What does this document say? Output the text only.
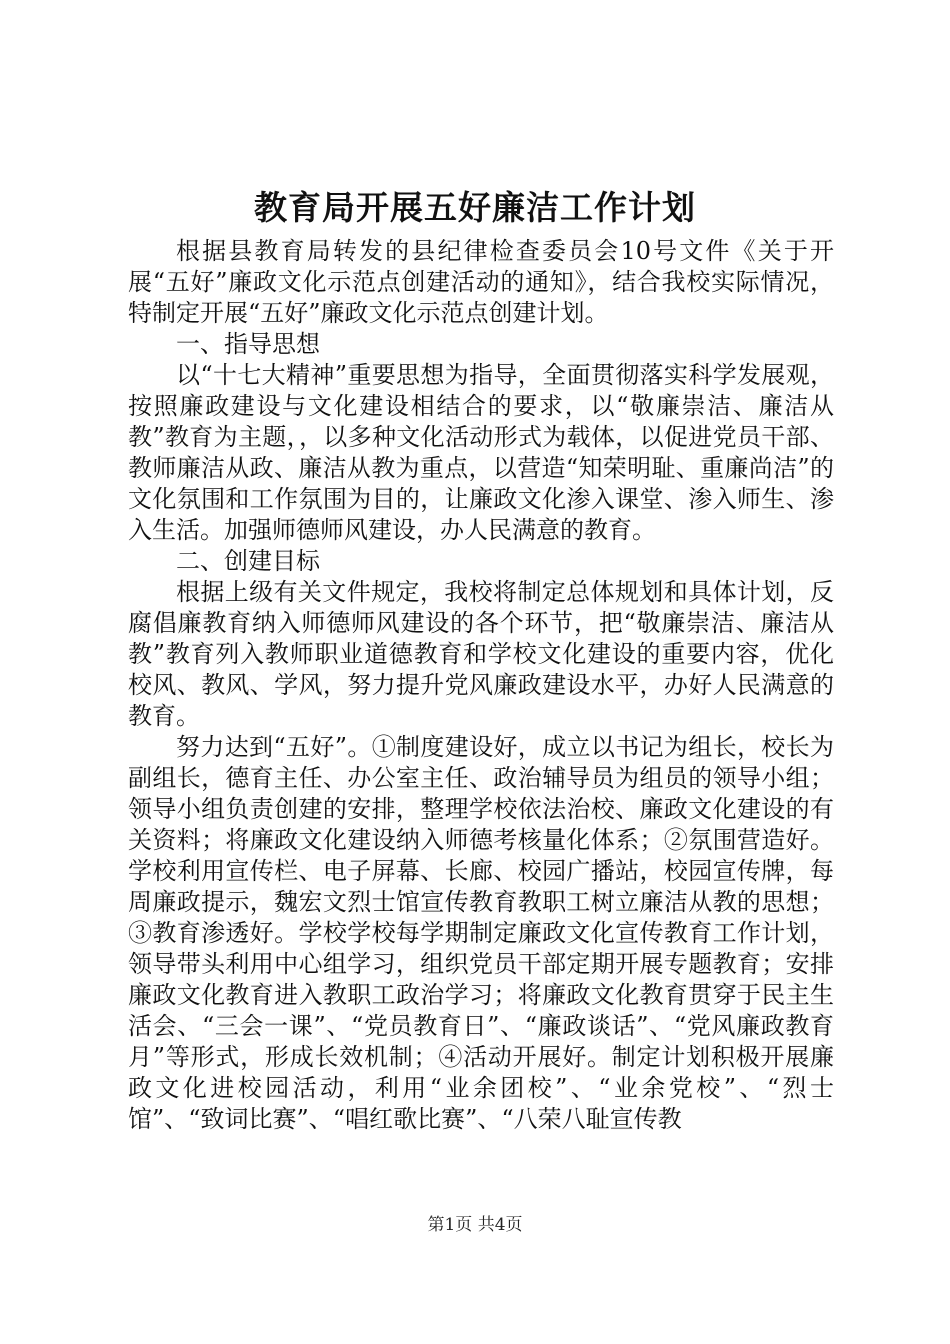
教育局开展五好廉洁工作计划

根据县教育局转发的县纪律检查委员会10号文件《关于开展“五好”廉政文化示范点创建活动的通知》，结合我校实际情况，特制定开展“五好”廉政文化示范点创建计划。

一、指导思想

以“十七大精神”重要思想为指导，全面贯彻落实科学发展观，按照廉政建设与文化建设相结合的要求，以“敬廉崇洁、廉洁从教”教育为主题，，以多种文化活动形式为载体，以促进党员干部、教师廉洁从政、廉洁从教为重点，以营造“知荣明耻、重廉尚洁”的文化氛围和工作氛围为目的，让廉政文化渗入课堂、渗入师生、渗入生活。加强师德师风建设，办人民满意的教育。

二、创建目标

根据上级有关文件规定，我校将制定总体规划和具体计划，反腐倡廉教育纳入师德师风建设的各个环节，把“敬廉崇洁、廉洁从教”教育列入教师职业道德教育和学校文化建设的重要内容，优化校风、教风、学风，努力提升党风廉政建设水平，办好人民满意的教育。

努力达到“五好”。①制度建设好，成立以书记为组长，校长为副组长，德育主任、办公室主任、政治辅导员为组员的领导小组；领导小组负责创建的安排，整理学校依法治校、廉政文化建设的有关资料；将廉政文化建设纳入师德考核量化体系；②氛围营造好。学校利用宣传栏、电子屏幕、长廊、校园广播站，校园宣传牌，每周廉政提示，魏宏文烈士馆宣传教育教职工树立廉洁从教的思想；③教育渗透好。学校学校每学期制定廉政文化宣传教育工作计划，领导带头利用中心组学习，组织党员干部定期开展专题教育；安排廉政文化教育进入教职工政治学习；将廉政文化教育贯穿于民主生活会、“三会一课”、“党员教育日”、“廉政谈话”、“党风廉政教育月”等形式，形成长效机制；④活动开展好。制定计划积极开展廉政文化进校园活动，利用“业余团校”、“业余党校”、“烈士馆”、“致词比赛”、“唱红歌比赛”、“八荣八耻宣传教

第1页 共4页
